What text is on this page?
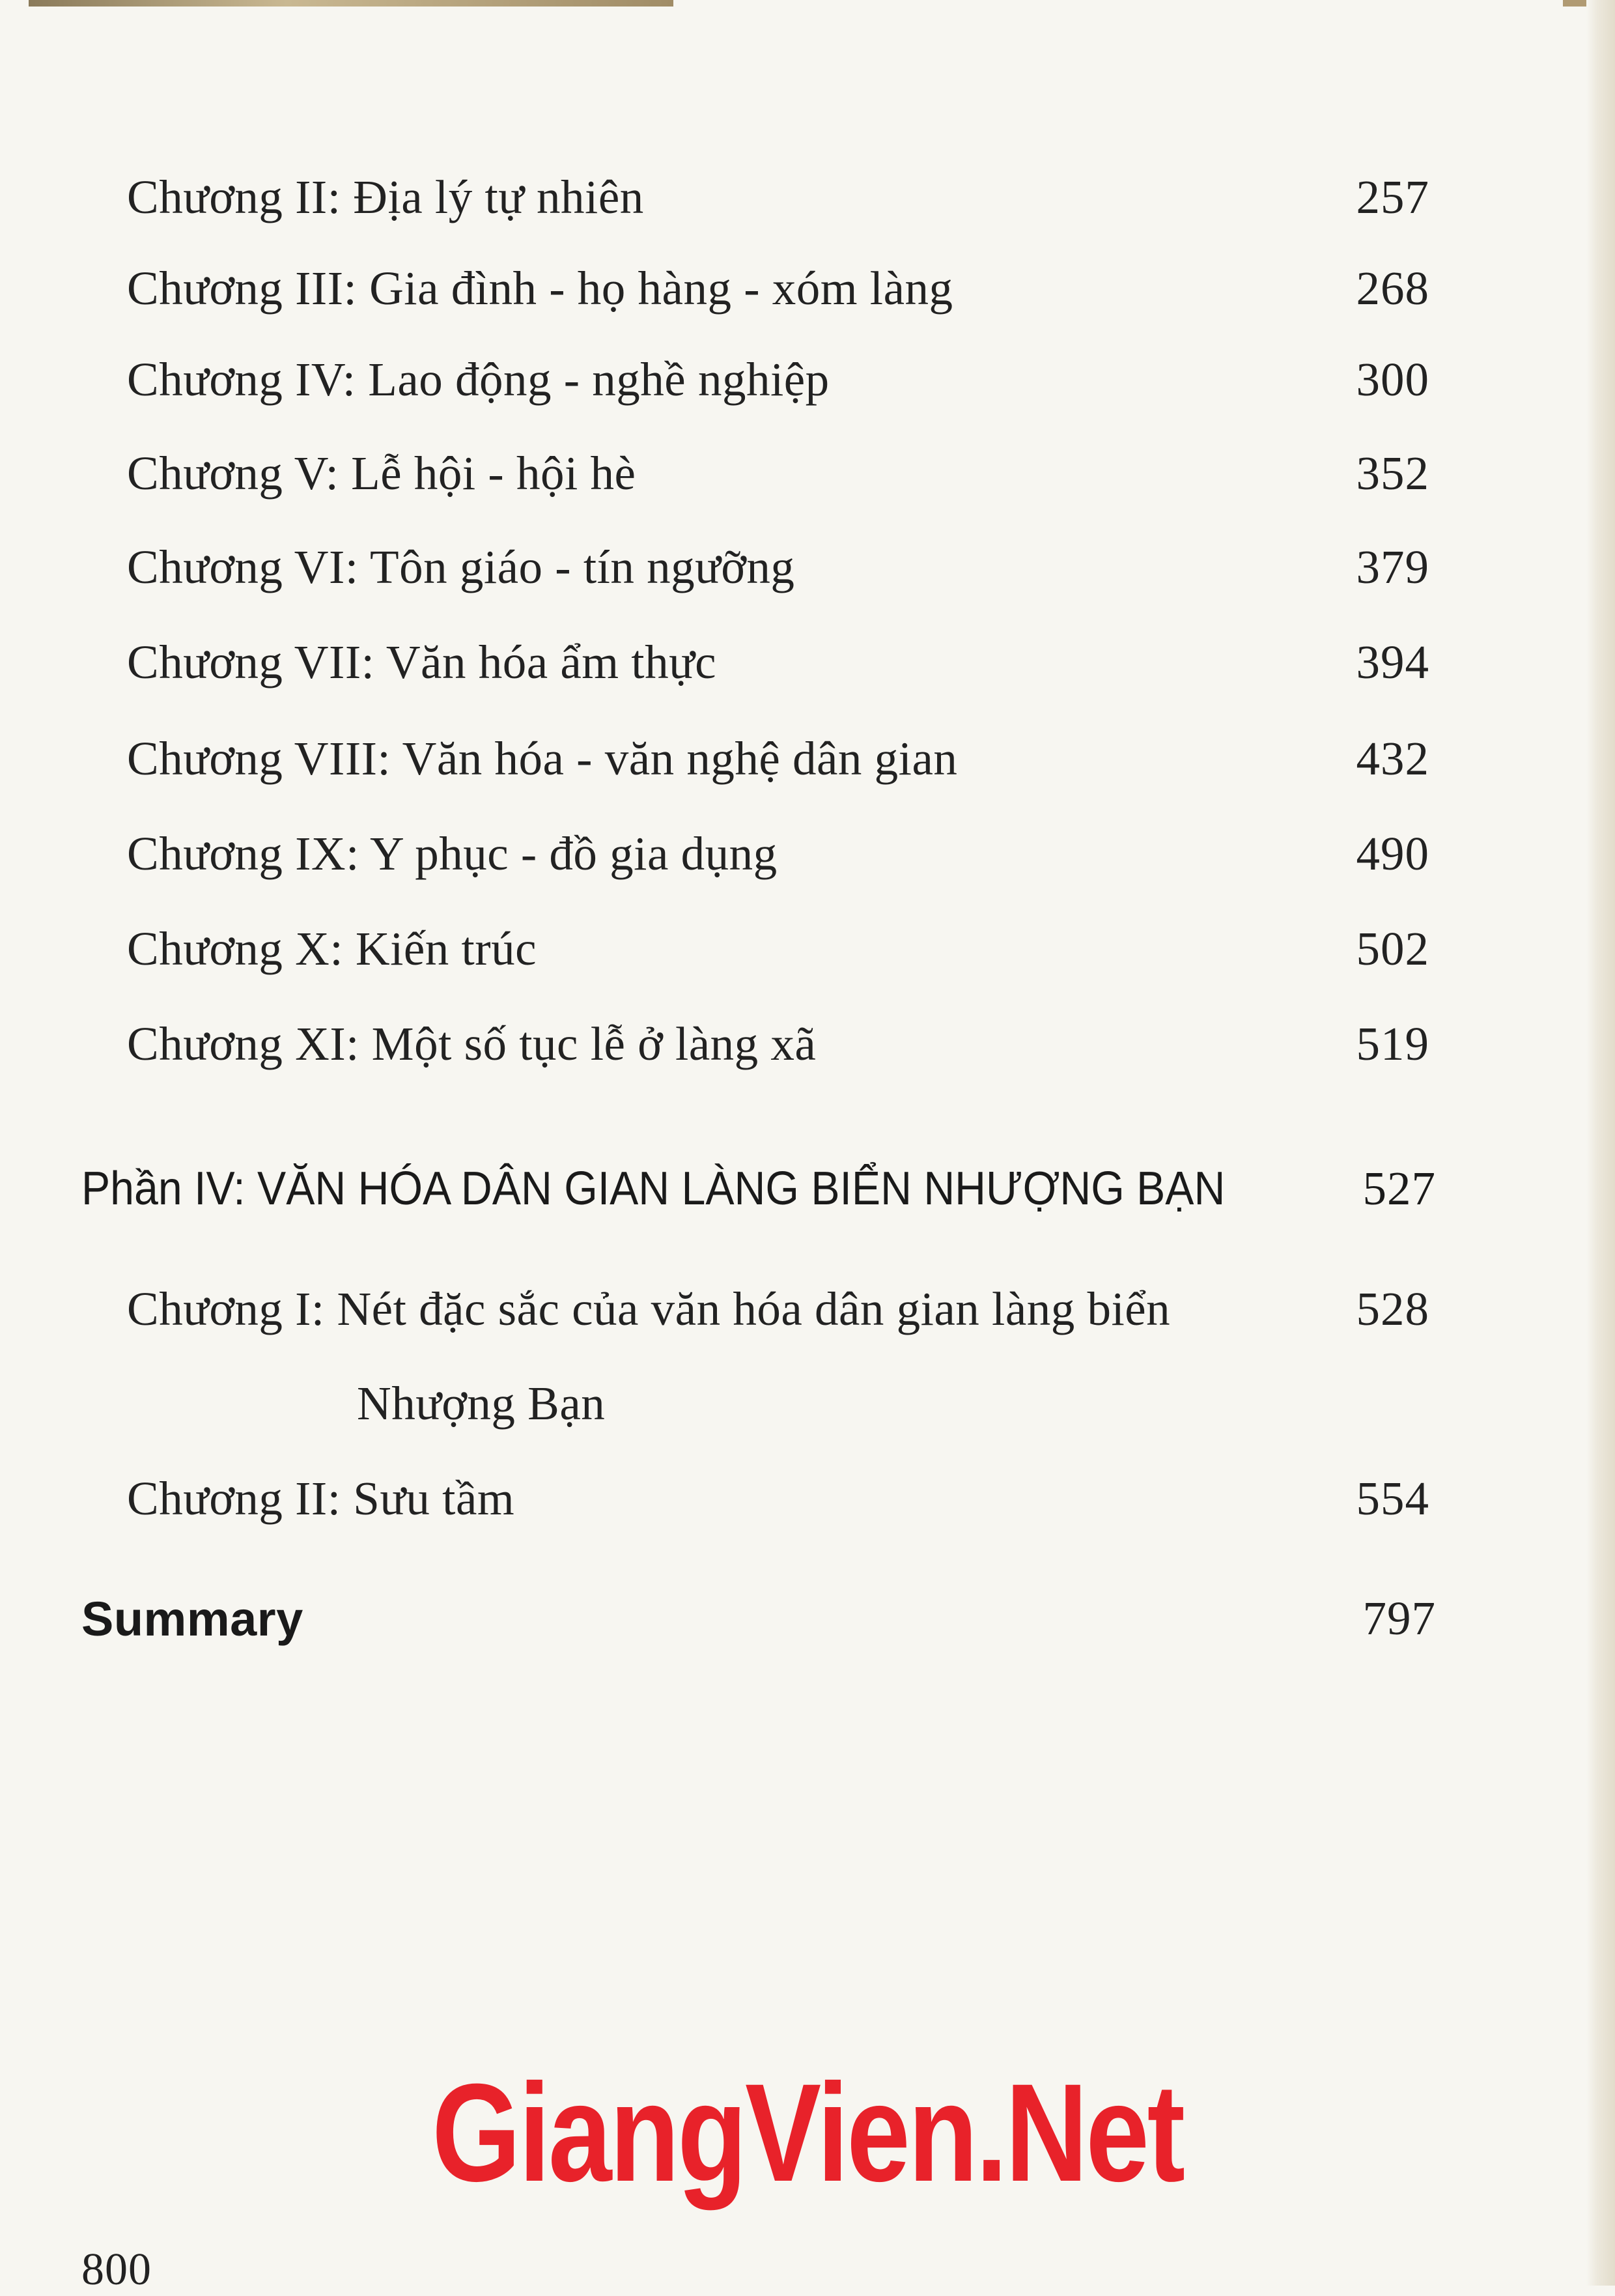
Chương II: Địa lý tự nhiên	257
Chương III: Gia đình - họ hàng - xóm làng	268
Chương IV: Lao động - nghề nghiệp	300
Chương V: Lễ hội - hội hè	352
Chương VI: Tôn giáo - tín ngưỡng	379
Chương VII: Văn hóa ẩm thực	394
Chương VIII: Văn hóa - văn nghệ dân gian	432
Chương IX: Y phục - đồ gia dụng	490
Chương X: Kiến trúc	502
Chương XI: Một số tục lễ ở làng xã	519
Phần IV: VĂN HÓA DÂN GIAN LÀNG BIỂN NHƯỢNG BẠN	527
Chương I: Nét đặc sắc của văn hóa dân gian làng biển	528
Nhượng Bạn
Chương II: Sưu tầm	554
Summary	797
GiangVien.Net
800
